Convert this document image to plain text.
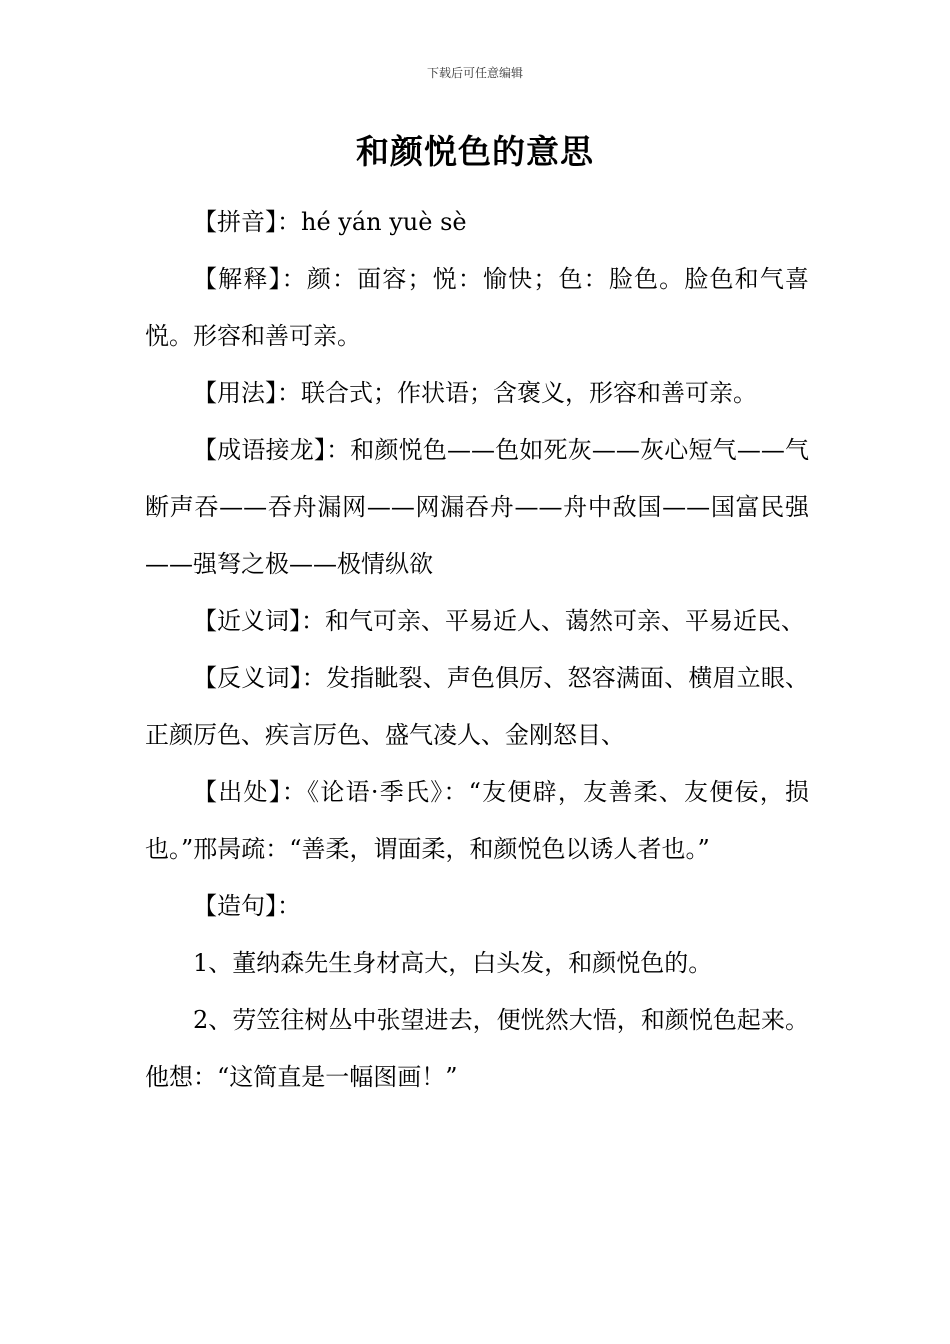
下载后可任意编辑
和颜悦色的意思

【拼音】：hé yán yuè sè

【解释】：颜：面容；悦：愉快；色：脸色。脸色和气喜悦。形容和善可亲。

【用法】：联合式；作状语；含褒义，形容和善可亲。

【成语接龙】：和颜悦色——色如死灰——灰心短气——气断声吞——吞舟漏网——网漏吞舟——舟中敌国——国富民强——强弩之极——极情纵欲

【近义词】：和气可亲、平易近人、蔼然可亲、平易近民、

【反义词】：发指眦裂、声色俱厉、怒容满面、横眉立眼、正颜厉色、疾言厉色、盛气凌人、金刚怒目、

【出处】：《论语·季氏》：“友便辟，友善柔、友便佞，损也。”邢昺疏：“善柔，谓面柔，和颜悦色以诱人者也。”

【造句】：

1、董纳森先生身材高大，白头发，和颜悦色的。

2、劳笠往树丛中张望进去，便恍然大悟，和颜悦色起来。他想：“这简直是一幅图画！”
